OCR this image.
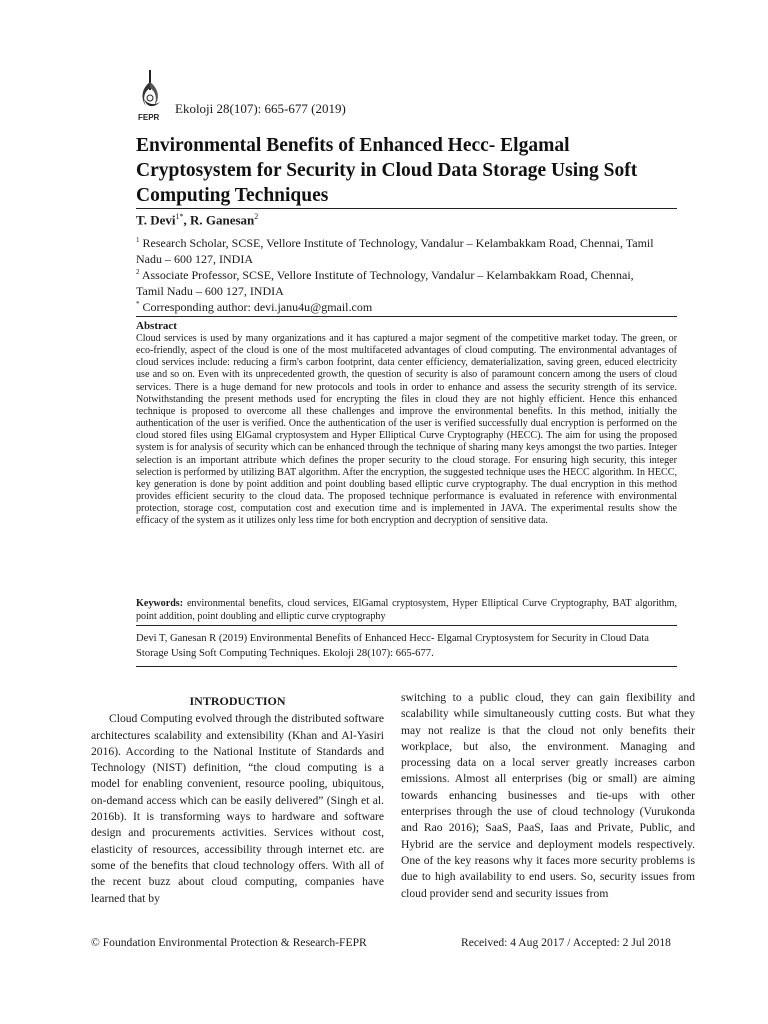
FEPR
Ekoloji 28(107): 665-677 (2019)
Environmental Benefits of Enhanced Hecc- Elgamal Cryptosystem for Security in Cloud Data Storage Using Soft Computing Techniques
T. Devi$^{1*}$, R. Ganesan$^2$
$^1$ Research Scholar, SCSE, Vellore Institute of Technology, Vandalur – Kelambakkam Road, Chennai, Tamil Nadu – 600 127, INDIA
$^2$ Associate Professor, SCSE, Vellore Institute of Technology, Vandalur – Kelambakkam Road, Chennai, Tamil Nadu – 600 127, INDIA
* Corresponding author: devi.janu4u@gmail.com
Abstract

Cloud services is used by many organizations and it has captured a major segment of the competitive market today. The green, or eco-friendly, aspect of the cloud is one of the most multifaceted advantages of cloud computing. The environmental advantages of cloud services include: reducing a firm's carbon footprint, data center efficiency, dematerialization, saving green, educed electricity use and so on. Even with its unprecedented growth, the question of security is also of paramount concern among the users of cloud services. There is a huge demand for new protocols and tools in order to enhance and assess the security strength of its service. Notwithstanding the present methods used for encrypting the files in cloud they are not highly efficient. Hence this enhanced technique is proposed to overcome all these challenges and improve the environmental benefits. In this method, initially the authentication of the user is verified. Once the authentication of the user is verified successfully dual encryption is performed on the cloud stored files using ElGamal cryptosystem and Hyper Elliptical Curve Cryptography (HECC). The aim for using the proposed system is for analysis of security which can be enhanced through the technique of sharing many keys amongst the two parties. Integer selection is an important attribute which defines the proper security to the cloud storage. For ensuring high security, this integer selection is performed by utilizing BAT algorithm. After the encryption, the suggested technique uses the HECC algorithm. In HECC, key generation is done by point addition and point doubling based elliptic curve cryptography. The dual encryption in this method provides efficient security to the cloud data. The proposed technique performance is evaluated in reference with environmental protection, storage cost, computation cost and execution time and is implemented in JAVA. The experimental results show the efficacy of the system as it utilizes only less time for both encryption and decryption of sensitive data.

Keywords: environmental benefits, cloud services, ElGamal cryptosystem, Hyper Elliptical Curve Cryptography, BAT algorithm, point addition, point doubling and elliptic curve cryptography

Devi T, Ganesan R (2019) Environmental Benefits of Enhanced Hecc- Elgamal Cryptosystem for Security in Cloud Data Storage Using Soft Computing Techniques. Ekoloji 28(107): 665-677.

INTRODUCTION

Cloud Computing evolved through the distributed software architectures scalability and extensibility (Khan and Al-Yasiri 2016). According to the National Institute of Standards and Technology (NIST) definition, “the cloud computing is a model for enabling convenient, resource pooling, ubiquitous, on-demand access which can be easily delivered” (Singh et al. 2016b). It is transforming ways to hardware and software design and procurements activities. Services without cost, elasticity of resources, accessibility through internet etc. are some of the benefits that cloud technology offers. With all of the recent buzz about cloud computing, companies have learned that by

switching to a public cloud, they can gain flexibility and scalability while simultaneously cutting costs. But what they may not realize is that the cloud not only benefits their workplace, but also, the environment. Managing and processing data on a local server greatly increases carbon emissions. Almost all enterprises (big or small) are aiming towards enhancing businesses and tie-ups with other enterprises through the use of cloud technology (Vurukonda and Rao 2016); SaaS, PaaS, Iaas and Private, Public, and Hybrid are the service and deployment models respectively. One of the key reasons why it faces more security problems is due to high availability to end users. So, security issues from cloud provider send and security issues from

© Foundation Environmental Protection & Research-FEPR	Received: 4 Aug 2017 / Accepted: 2 Jul 2018
